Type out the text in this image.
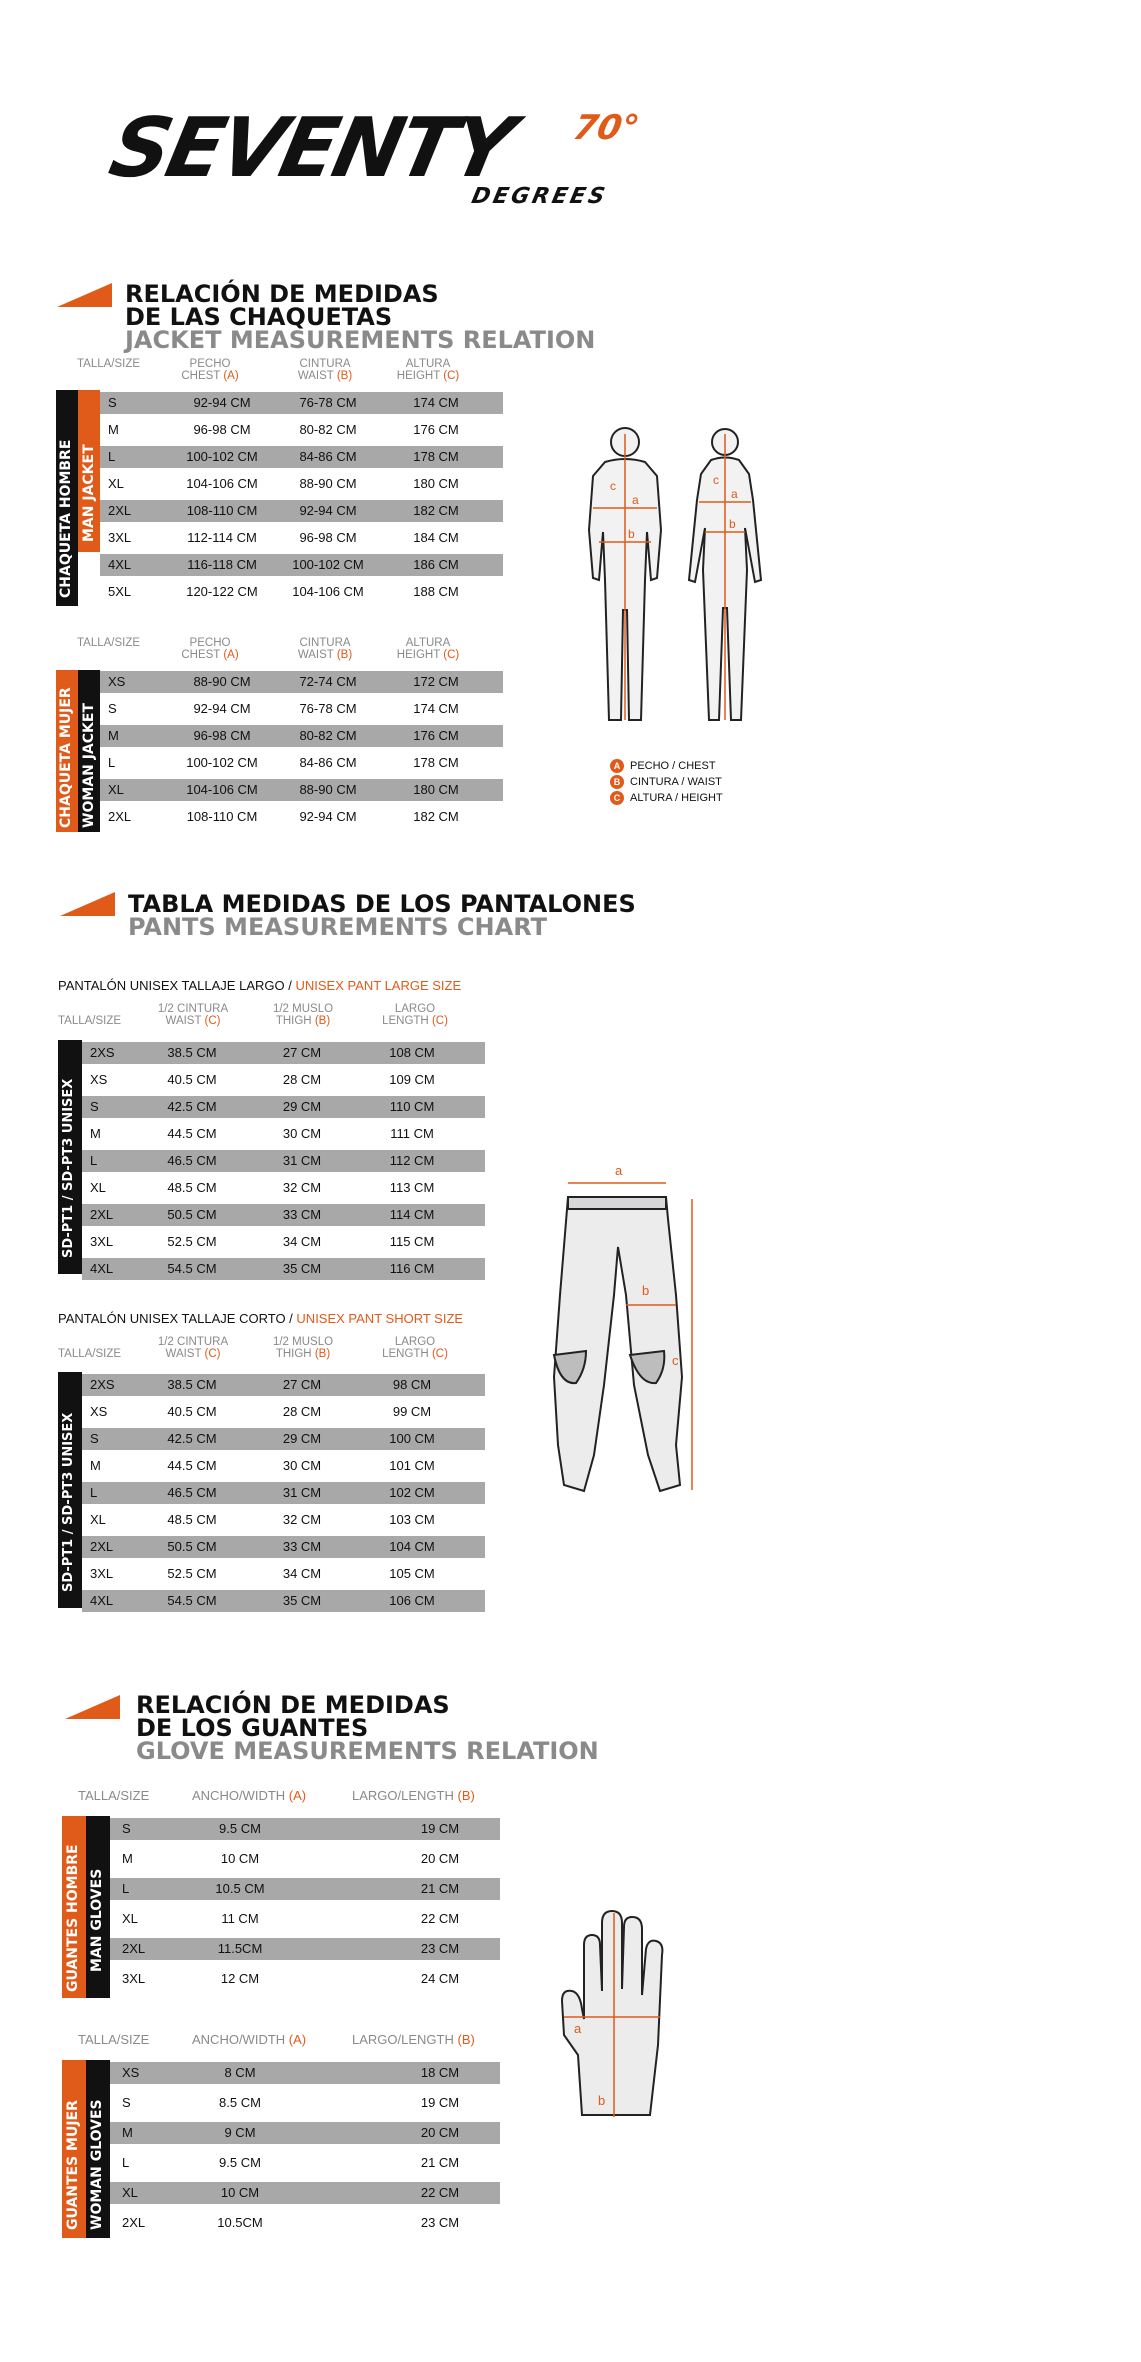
SEVENTY 70°
DEGREES
RELACIÓN DE MEDIDAS
DE LAS CHAQUETAS
JACKET MEASUREMENTS RELATION
TALLA/SIZE	PECHO
CHEST (A)
CINTURA
WAIST (B)
ALTURA
HEIGHT (C)
CHAQUETA HOMBRE MAN JACKET
S	92-94 CM	76-78 CM	174 CM
M	96-98 CM	80-82 CM	176 CM
L	100-102 CM	84-86 CM	178 CM
XL	104-106 CM	88-90 CM	180 CM
2XL	108-110 CM	92-94 CM	182 CM
3XL	112-114 CM	96-98 CM	184 CM
4XL	116-118 CM	100-102 CM	186 CM
5XL	120-122 CM	104-106 CM	188 CM
TALLA/SIZE	PECHO
CHEST (A)
CINTURA
WAIST (B)
ALTURA
HEIGHT (C)
CHAQUETA MUJER WOMAN JACKET
XS	88-90 CM	72-74 CM	172 CM
S	92-94 CM	76-78 CM	174 CM
M	96-98 CM	80-82 CM	176 CM
L	100-102 CM	84-86 CM	178 CM
XL	104-106 CM	88-90 CM	180 CM
2XL	108-110 CM	92-94 CM	182 CM
c
a
b
c
a
b
A PECHO / CHEST
B CINTURA / WAIST
C ALTURA / HEIGHT
TABLA MEDIDAS DE LOS PANTALONES
PANTS MEASUREMENTS CHART
PANTALÓN UNISEX TALLAJE LARGO / UNISEX PANT LARGE SIZE
TALLA/SIZE
1/2 CINTURA
WAIST (C)
1/2 MUSLO
THIGH (B)
LARGO
LENGTH (C)
SD-PT1 / SD-PT3 UNISEX
2XS	38.5 CM	27 CM	108 CM
XS	40.5 CM	28 CM	109 CM
S	42.5 CM	29 CM	110 CM
M	44.5 CM	30 CM	111 CM
L	46.5 CM	31 CM	112 CM
XL	48.5 CM	32 CM	113 CM
2XL	50.5 CM	33 CM	114 CM
3XL	52.5 CM	34 CM	115 CM
4XL	54.5 CM	35 CM	116 CM
PANTALÓN UNISEX TALLAJE CORTO / UNISEX PANT SHORT SIZE
TALLA/SIZE
1/2 CINTURA
WAIST (C)
1/2 MUSLO
THIGH (B)
LARGO
LENGTH (C)
SD-PT1 / SD-PT3 UNISEX
2XS	38.5 CM	27 CM	98 CM
XS	40.5 CM	28 CM	99 CM
S	42.5 CM	29 CM	100 CM
M	44.5 CM	30 CM	101 CM
L	46.5 CM	31 CM	102 CM
XL	48.5 CM	32 CM	103 CM
2XL	50.5 CM	33 CM	104 CM
3XL	52.5 CM	34 CM	105 CM
4XL	54.5 CM	35 CM	106 CM
a
b
c
RELACIÓN DE MEDIDAS
DE LOS GUANTES
GLOVE MEASUREMENTS RELATION
TALLA/SIZE	ANCHO/WIDTH (A)	LARGO/LENGTH (B)
GUANTES HOMBRE MAN GLOVES
S	9.5 CM	19 CM
M	10 CM	20 CM
L	10.5 CM	21 CM
XL	11 CM	22 CM
2XL	11.5CM	23 CM
3XL	12 CM	24 CM
TALLA/SIZE	ANCHO/WIDTH (A)	LARGO/LENGTH (B)
GUANTES MUJER WOMAN GLOVES
XS	8 CM	18 CM
S	8.5 CM	19 CM
M	9 CM	20 CM
L	9.5 CM	21 CM
XL	10 CM	22 CM
2XL	10.5CM	23 CM
a
b
